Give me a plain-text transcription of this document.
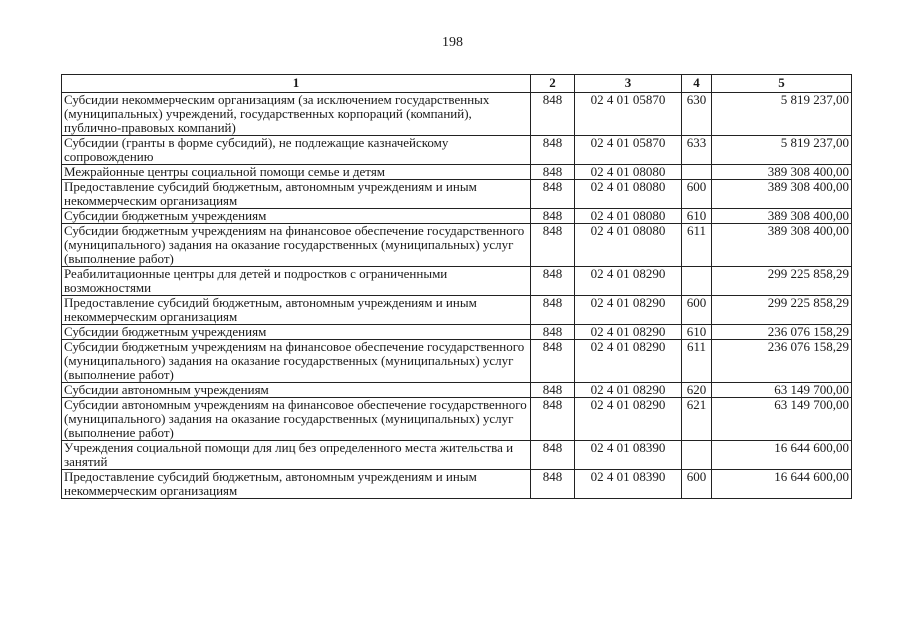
198
1	2	3	4	5
Субсидии некоммерческим организациям (за исключением государственных (муниципальных) учреждений, государственных корпораций (компаний), публично-правовых компаний)	848	02 4 01 05870	630	5 819 237,00
Субсидии (гранты в форме субсидий), не подлежащие казначейскому сопровождению	848	02 4 01 05870	633	5 819 237,00
Межрайонные центры социальной помощи семье и детям	848	02 4 01 08080		389 308 400,00
Предоставление субсидий бюджетным, автономным учреждениям и иным некоммерческим организациям	848	02 4 01 08080	600	389 308 400,00
Субсидии бюджетным учреждениям	848	02 4 01 08080	610	389 308 400,00
Субсидии бюджетным учреждениям на финансовое обеспечение государственного (муниципального) задания на оказание государственных (муниципальных) услуг (выполнение работ)	848	02 4 01 08080	611	389 308 400,00
Реабилитационные центры для детей и подростков с ограниченными возможностями	848	02 4 01 08290		299 225 858,29
Предоставление субсидий бюджетным, автономным учреждениям и иным некоммерческим организациям	848	02 4 01 08290	600	299 225 858,29
Субсидии бюджетным учреждениям	848	02 4 01 08290	610	236 076 158,29
Субсидии бюджетным учреждениям на финансовое обеспечение государственного (муниципального) задания на оказание государственных (муниципальных) услуг (выполнение работ)	848	02 4 01 08290	611	236 076 158,29
Субсидии автономным учреждениям	848	02 4 01 08290	620	63 149 700,00
Субсидии автономным учреждениям на финансовое обеспечение государственного (муниципального) задания на оказание государственных (муниципальных) услуг (выполнение работ)	848	02 4 01 08290	621	63 149 700,00
Учреждения социальной помощи для лиц без определенного места жительства и занятий	848	02 4 01 08390		16 644 600,00
Предоставление субсидий бюджетным, автономным учреждениям и иным некоммерческим организациям	848	02 4 01 08390	600	16 644 600,00
